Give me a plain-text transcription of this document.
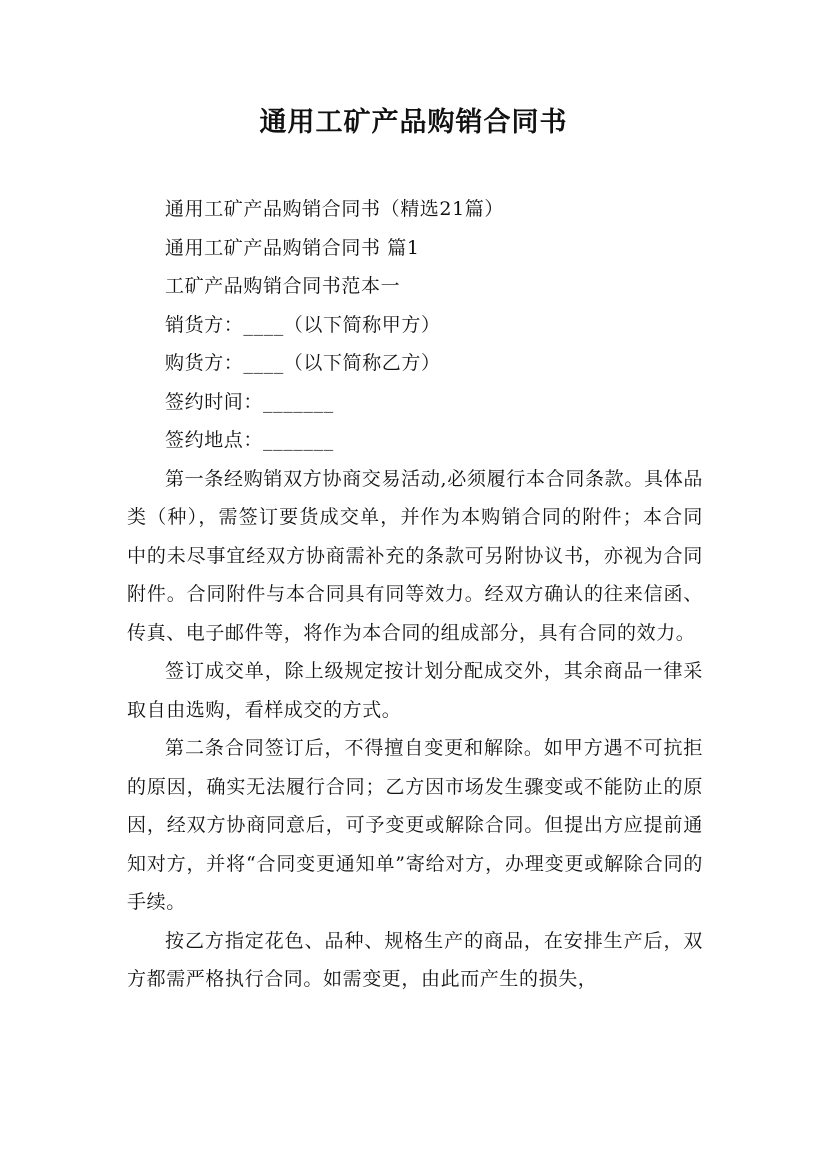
通用工矿产品购销合同书

通用工矿产品购销合同书（精选21篇）

通用工矿产品购销合同书 篇1

工矿产品购销合同书范本一

销货方：____（以下简称甲方）

购货方：____（以下简称乙方）

签约时间：_______

签约地点：_______

第一条经购销双方协商交易活动,必须履行本合同条款。具体品类（种），需签订要货成交单，并作为本购销合同的附件；本合同中的未尽事宜经双方协商需补充的条款可另附协议书，亦视为合同附件。合同附件与本合同具有同等效力。经双方确认的往来信函、传真、电子邮件等，将作为本合同的组成部分，具有合同的效力。

签订成交单，除上级规定按计划分配成交外，其余商品一律采取自由选购，看样成交的方式。

第二条合同签订后，不得擅自变更和解除。如甲方遇不可抗拒的原因，确实无法履行合同；乙方因市场发生骤变或不能防止的原因，经双方协商同意后，可予变更或解除合同。但提出方应提前通知对方，并将“合同变更通知单”寄给对方，办理变更或解除合同的手续。

按乙方指定花色、品种、规格生产的商品，在安排生产后，双方都需严格执行合同。如需变更，由此而产生的损失，
